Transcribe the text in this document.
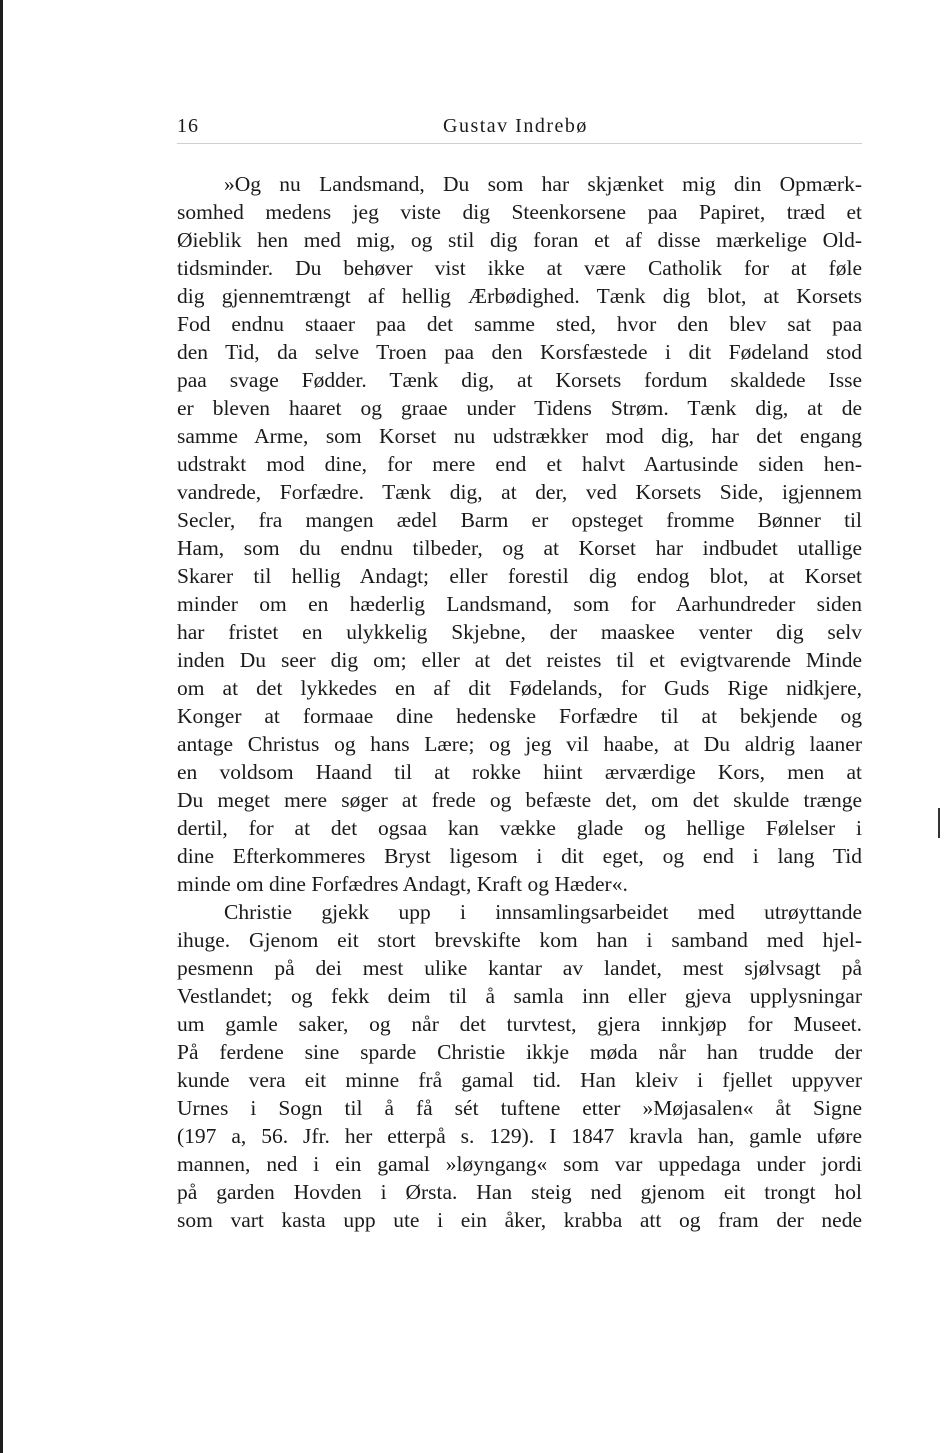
16	Gustav Indrebø
»Og nu Landsmand, Du som har skjænket mig din Opmærk-
somhed medens jeg viste dig Steenkorsene paa Papiret, træd et
Øieblik hen med mig, og stil dig foran et af disse mærkelige Old-
tidsminder. Du behøver vist ikke at være Catholik for at føle
dig gjennemtrængt af hellig Ærbødighed. Tænk dig blot, at Korsets
Fod endnu staaer paa det samme sted, hvor den blev sat paa
den Tid, da selve Troen paa den Korsfæstede i dit Fødeland stod
paa svage Fødder. Tænk dig, at Korsets fordum skaldede Isse
er bleven haaret og graae under Tidens Strøm. Tænk dig, at de
samme Arme, som Korset nu udstrækker mod dig, har det engang
udstrakt mod dine, for mere end et halvt Aartusinde siden hen-
vandrede, Forfædre. Tænk dig, at der, ved Korsets Side, igjennem
Secler, fra mangen ædel Barm er opsteget fromme Bønner til
Ham, som du endnu tilbeder, og at Korset har indbudet utallige
Skarer til hellig Andagt; eller forestil dig endog blot, at Korset
minder om en hæderlig Landsmand, som for Aarhundreder siden
har fristet en ulykkelig Skjebne, der maaskee venter dig selv
inden Du seer dig om; eller at det reistes til et evigtvarende Minde
om at det lykkedes en af dit Fødelands, for Guds Rige nidkjere,
Konger at formaae dine hedenske Forfædre til at bekjende og
antage Christus og hans Lære; og jeg vil haabe, at Du aldrig laaner
en voldsom Haand til at rokke hiint ærværdige Kors, men at
Du meget mere søger at frede og befæste det, om det skulde trænge
dertil, for at det ogsaa kan vække glade og hellige Følelser i
dine Efterkommeres Bryst ligesom i dit eget, og end i lang Tid
minde om dine Forfædres Andagt, Kraft og Hæder«.
Christie gjekk upp i innsamlingsarbeidet med utrøyttande
ihuge. Gjenom eit stort brevskifte kom han i samband med hjel-
pesmenn på dei mest ulike kantar av landet, mest sjølvsagt på
Vestlandet; og fekk deim til å samla inn eller gjeva upplysningar
um gamle saker, og når det turvtest, gjera innkjøp for Museet.
På ferdene sine sparde Christie ikkje møda når han trudde der
kunde vera eit minne frå gamal tid. Han kleiv i fjellet uppyver
Urnes i Sogn til å få sét tuftene etter »Møjasalen« åt Signe
(197 a, 56. Jfr. her etterpå s. 129). I 1847 kravla han, gamle uføre
mannen, ned i ein gamal »løyngang« som var uppedaga under jordi
på garden Hovden i Ørsta. Han steig ned gjenom eit trongt hol
som vart kasta upp ute i ein åker, krabba att og fram der nede
